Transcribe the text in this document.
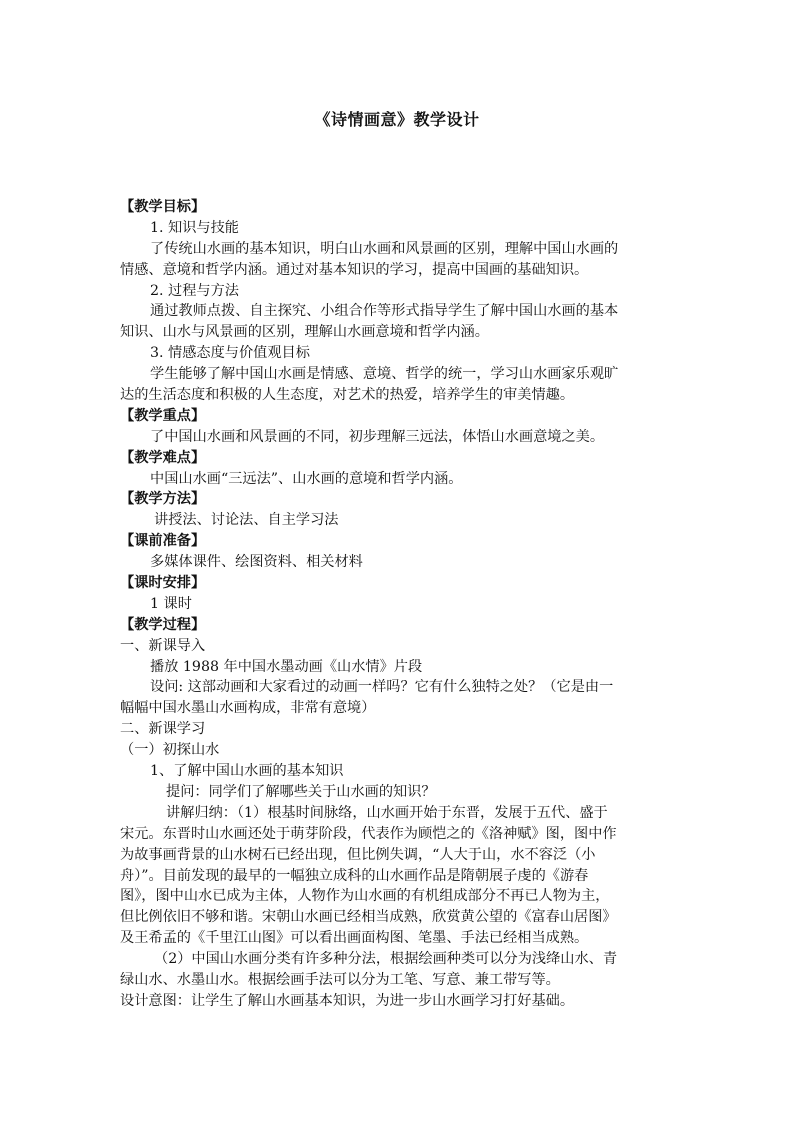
《诗情画意》教学设计
【教学目标】
1. 知识与技能
了传统山水画的基本知识，明白山水画和风景画的区别，理解中国山水画的
情感、意境和哲学内涵。通过对基本知识的学习，提高中国画的基础知识。
2. 过程与方法
通过教师点拨、自主探究、小组合作等形式指导学生了解中国山水画的基本
知识、山水与风景画的区别，理解山水画意境和哲学内涵。
3. 情感态度与价值观目标
学生能够了解中国山水画是情感、意境、哲学的统一，学习山水画家乐观旷
达的生活态度和积极的人生态度，对艺术的热爱，培养学生的审美情趣。
【教学重点】
了中国山水画和风景画的不同，初步理解三远法，体悟山水画意境之美。
【教学难点】
中国山水画“三远法”、山水画的意境和哲学内涵。
【教学方法】
讲授法、讨论法、自主学习法
【课前准备】
多媒体课件、绘图资料、相关材料
【课时安排】
1 课时
【教学过程】
一、新课导入
播放 1988 年中国水墨动画《山水情》片段
设问: 这部动画和大家看过的动画一样吗？它有什么独特之处？（它是由一
幅幅中国水墨山水画构成，非常有意境）
二、新课学习
（一）初探山水
1、了解中国山水画的基本知识
提问：同学们了解哪些关于山水画的知识？
讲解归纳：（1）根基时间脉络，山水画开始于东晋，发展于五代、盛于
宋元。东晋时山水画还处于萌芽阶段，代表作为顾恺之的《洛神赋》图，图中作
为故事画背景的山水树石已经出现，但比例失调，“人大于山，水不容泛（小
舟）”。目前发现的最早的一幅独立成科的山水画作品是隋朝展子虔的《游春
图》，图中山水已成为主体，人物作为山水画的有机组成部分不再已人物为主，
但比例依旧不够和谐。宋朝山水画已经相当成熟，欣赏黄公望的《富春山居图》
及王希孟的《千里江山图》可以看出画面构图、笔墨、手法已经相当成熟。
（2）中国山水画分类有许多种分法，根据绘画种类可以分为浅绛山水、青
绿山水、水墨山水。根据绘画手法可以分为工笔、写意、兼工带写等。
设计意图：让学生了解山水画基本知识，为进一步山水画学习打好基础。
